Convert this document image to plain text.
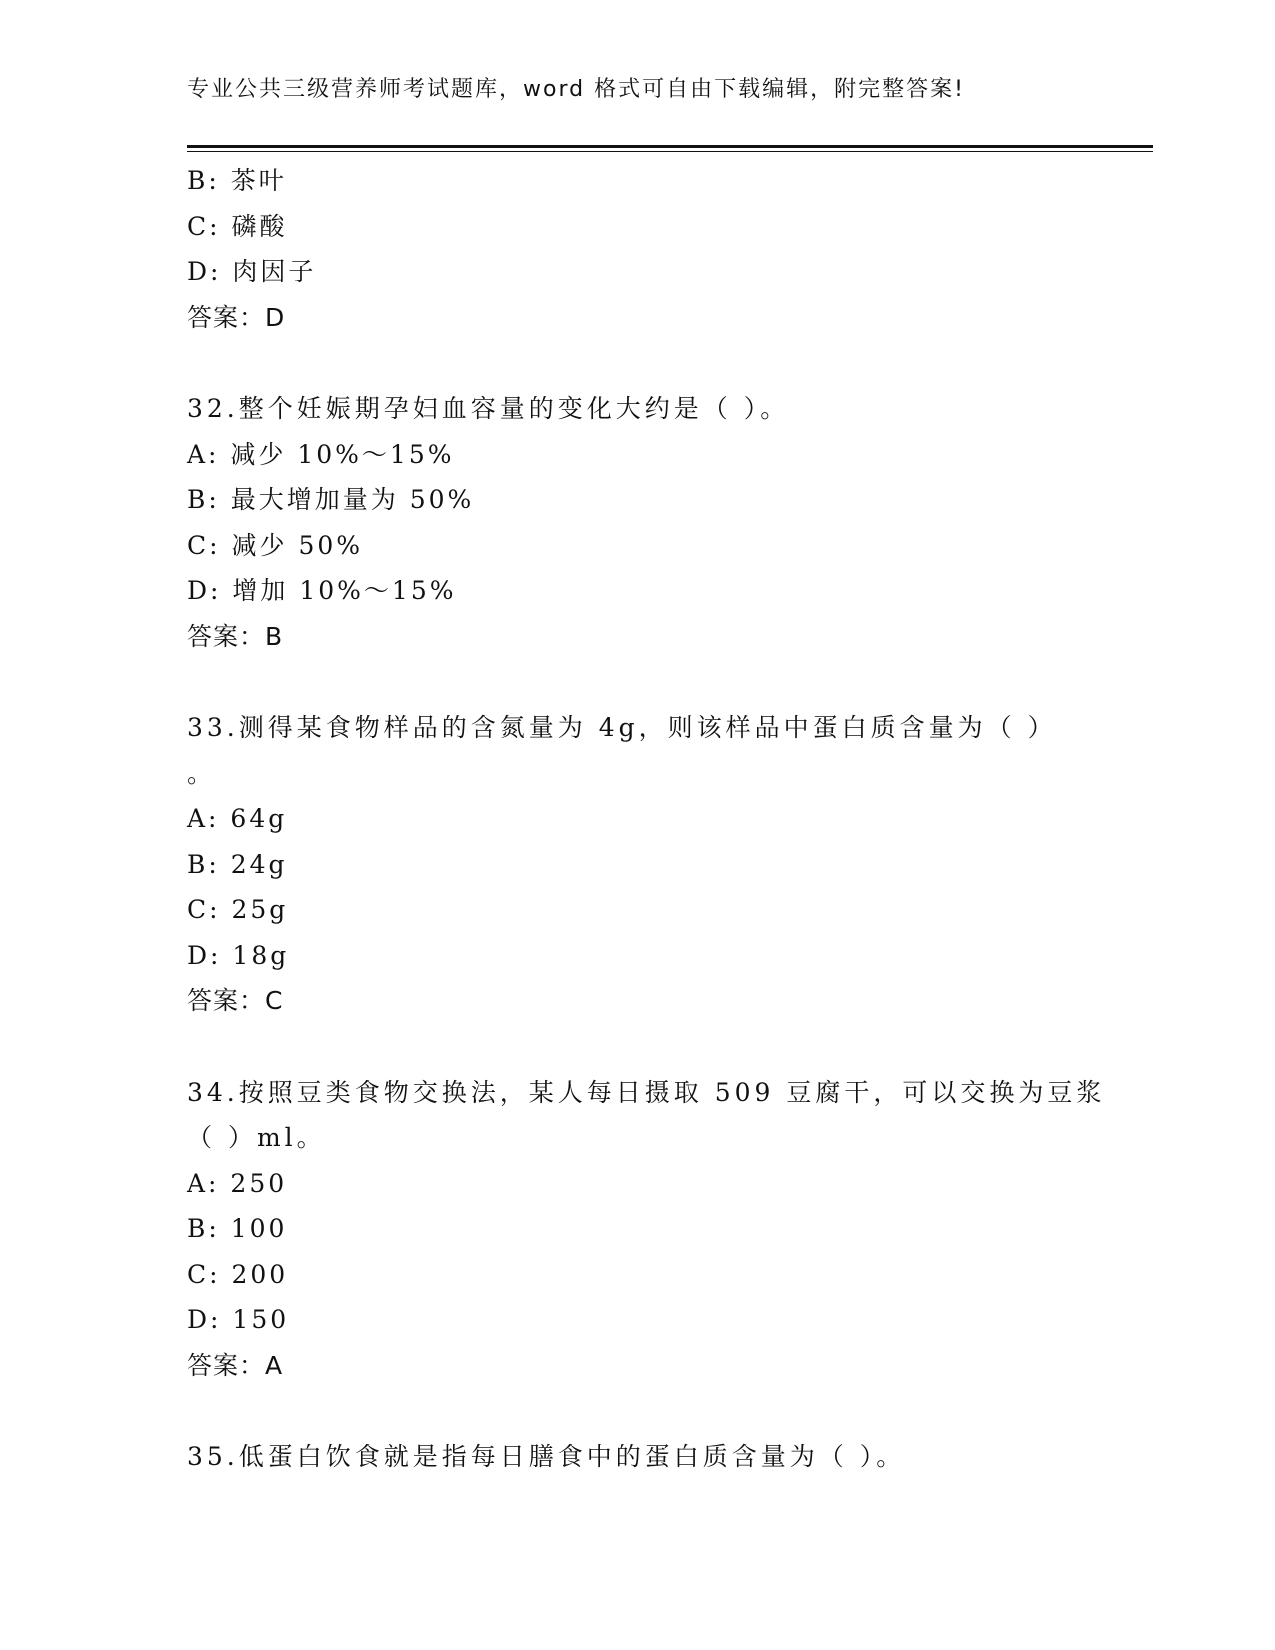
专业公共三级营养师考试题库，word 格式可自由下载编辑，附完整答案!
B: 茶叶
C: 磷酸
D: 肉因子
答案：D
32.整个妊娠期孕妇血容量的变化大约是（ ）。
A: 减少 10%～15%
B: 最大增加量为 50%
C: 减少 50%
D: 增加 10%～15%
答案：B
33.测得某食物样品的含氮量为 4g，则该样品中蛋白质含量为（ ）
。
A: 64g
B: 24g
C: 25g
D: 18g
答案：C
34.按照豆类食物交换法，某人每日摄取 509 豆腐干，可以交换为豆浆
（ ）ml。
A: 250
B: 100
C: 200
D: 150
答案：A
35.低蛋白饮食就是指每日膳食中的蛋白质含量为（ ）。
